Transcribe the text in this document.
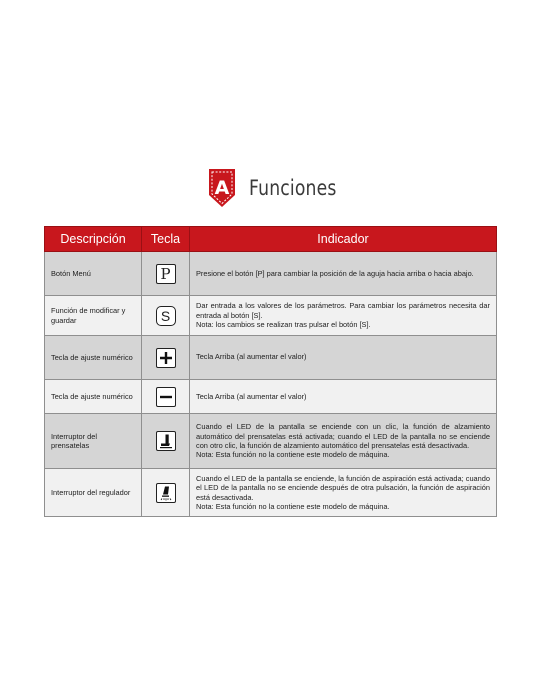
A Funciones
Descripción	Tecla	Indicador
Botón Menú	P	Presione el botón [P] para cambiar la posición de la aguja hacia arriba o hacia abajo.

Función de modificar y guardar	S	Dar entrada a los valores de los parámetros. Para cambiar los parámetros necesita dar entrada al botón [S].
Nota: los cambios se realizan tras pulsar el botón [S].

Tecla de ajuste numérico		Tecla Arriba (al aumentar el valor)

Tecla de ajuste numérico		Tecla Arriba (al aumentar el valor)

Interruptor del prensatelas		Cuando el LED de la pantalla se enciende con un clic, la función de alzamiento automático del prensatelas está activada; cuando el LED de la pantalla no se enciende con otro clic, la función de alzamiento automático del prensatelas está desactivada.
Nota: Esta función no la contiene este modelo de máquina.

Interruptor del regulador		Cuando el LED de la pantalla se enciende, la función de aspiración está activada; cuando el LED de la pantalla no se enciende después de otra pulsación, la función de aspiración está desactivada.
Nota: Esta función no la contiene este modelo de máquina.
